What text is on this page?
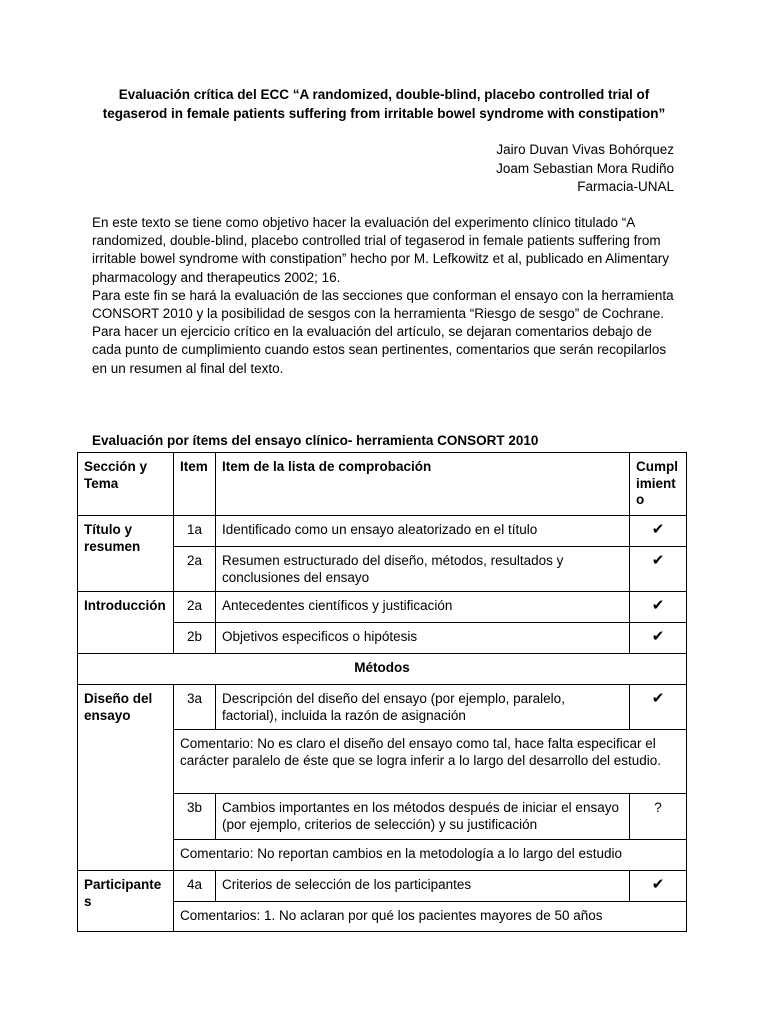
Evaluación crítica del ECC “A randomized, double-blind, placebo controlled trial of tegaserod in female patients suffering from irritable bowel syndrome with constipation”
Jairo Duvan Vivas Bohórquez
Joam Sebastian Mora Rudiño
Farmacia-UNAL

En este texto se tiene como objetivo hacer la evaluación del experimento clínico titulado “A randomized, double-blind, placebo controlled trial of tegaserod in female patients suffering from irritable bowel syndrome with constipation” hecho por M. Lefkowitz et al, publicado en Alimentary pharmacology and therapeutics 2002; 16.

Para este fin se hará la evaluación de las secciones que conforman el ensayo con la herramienta CONSORT 2010 y la posibilidad de sesgos con la herramienta “Riesgo de sesgo” de Cochrane.

Para hacer un ejercicio crítico en la evaluación del artículo, se dejaran comentarios debajo de cada punto de cumplimiento cuando estos sean pertinentes, comentarios que serán recopilarlos en un resumen al final del texto.

Evaluación por ítems del ensayo clínico- herramienta CONSORT 2010
Sección y Tema	Item	Item de la lista de comprobación	Cumplimiento
Título y resumen	1a	Identificado como un ensayo aleatorizado en el título	✔
	2a	Resumen estructurado del diseño, métodos, resultados y conclusiones del ensayo	✔
Introducción	2a	Antecedentes científicos y justificación	✔
	2b	Objetivos especificos o hipótesis	✔
Métodos			
Diseño del ensayo	3a	Descripción del diseño del ensayo (por ejemplo, paralelo, factorial), incluida la razón de asignación	✔
	Comentario: No es claro el diseño del ensayo como tal, hace falta especificar el carácter paralelo de éste que se logra inferir a lo largo del desarrollo del estudio.		
	3b	Cambios importantes en los métodos después de iniciar el ensayo (por ejemplo, criterios de selección) y su justificación	?
	Comentario: No reportan cambios en la metodología a lo largo del estudio		
Participantes	4a	Criterios de selección de los participantes	✔
	Comentarios: 1. No aclaran por qué los pacientes mayores de 50 años		
